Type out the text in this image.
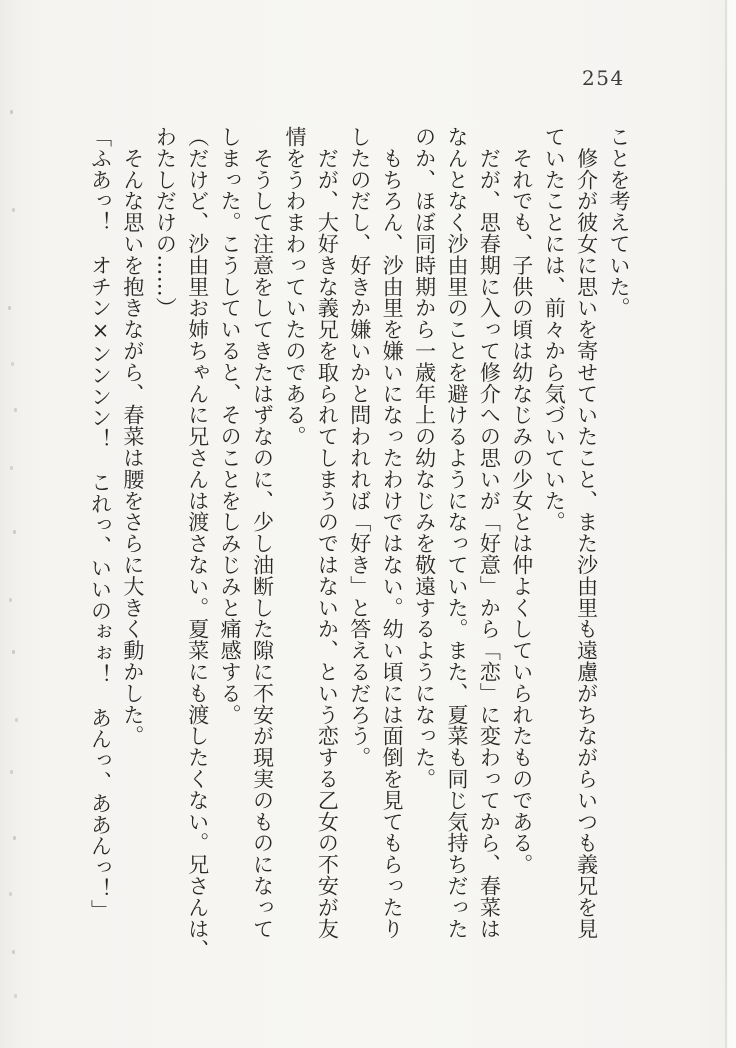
254
ことを考えていた。
　修介が彼女に思いを寄せていたこと、また沙由里も遠慮がちながらいつも義兄を見
ていたことには、前々から気づいていた。
　それでも、子供の頃は幼なじみの少女とは仲よくしていられたものである。
　だが、思春期に入って修介への思いが「好意」から「恋」に変わってから、春菜は
なんとなく沙由里のことを避けるようになっていた。また、夏菜も同じ気持ちだった
のか、ほぼ同時期から一歳年上の幼なじみを敬遠するようになった。
　もちろん、沙由里を嫌いになったわけではない。幼い頃には面倒を見てもらったり
したのだし、好きか嫌いかと問われれば「好き」と答えるだろう。
　だが、大好きな義兄を取られてしまうのではないか、という恋する乙女の不安が友
情をうわまわっていたのである。
　そうして注意をしてきたはずなのに、少し油断した隙に不安が現実のものになって
しまった。こうしていると、そのことをしみじみと痛感する。
（だけど、沙由里お姉ちゃんに兄さんは渡さない。夏菜にも渡したくない。兄さんは、
わたしだけの……）
　そんな思いを抱きながら、春菜は腰をさらに大きく動かした。
「ふあっ！　オチン×ンンンン！　これっ、いいのぉぉ！　あんっ、ああんっ！」
